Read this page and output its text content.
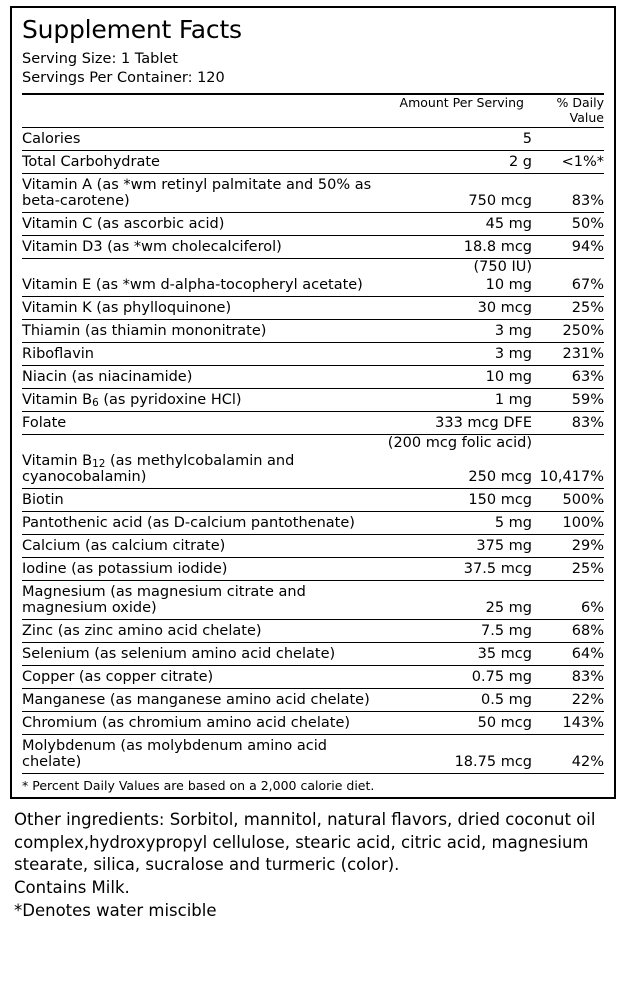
Supplement Facts
Serving Size: 1 Tablet
Servings Per Container: 120
Amount Per Serving	% Daily Value
Calories	5	
Total Carbohydrate	2 g	<1%*
Vitamin A (as *wm retinyl palmitate and 50% as beta-carotene)	750 mcg	83%
Vitamin C (as ascorbic acid)	45 mg	50%
Vitamin D3 (as *wm cholecalciferol)	18.8 mcg	94%
	(750 IU)	
Vitamin E (as *wm d-alpha-tocopheryl acetate)	10 mg	67%
Vitamin K (as phylloquinone)	30 mcg	25%
Thiamin (as thiamin mononitrate)	3 mg	250%
Riboflavin	3 mg	231%
Niacin (as niacinamide)	10 mg	63%
Vitamin $B_6$ (as pyridoxine HCl)	1 mg	59%
Folate	333 mcg DFE	83%
	(200 mcg folic acid)	
Vitamin $B_{12}$ (as methylcobalamin and cyanocobalamin)	250 mcg	10,417%
Biotin	150 mcg	500%
Pantothenic acid (as D-calcium pantothenate)	5 mg	100%
Calcium (as calcium citrate)	375 mg	29%
Iodine (as potassium iodide)	37.5 mcg	25%
Magnesium (as magnesium citrate and magnesium oxide)	25 mg	6%
Zinc (as zinc amino acid chelate)	7.5 mg	68%
Selenium (as selenium amino acid chelate)	35 mcg	64%
Copper (as copper citrate)	0.75 mg	83%
Manganese (as manganese amino acid chelate)	0.5 mg	22%
Chromium (as chromium amino acid chelate)	50 mcg	143%
Molybdenum (as molybdenum amino acid chelate)	18.75 mcg	42%
* Percent Daily Values are based on a 2,000 calorie diet.

Other ingredients: Sorbitol, mannitol, natural flavors, dried coconut oil complex,hydroxypropyl cellulose, stearic acid, citric acid, magnesium stearate, silica, sucralose and turmeric (color).

Contains Milk.

*Denotes water miscible
